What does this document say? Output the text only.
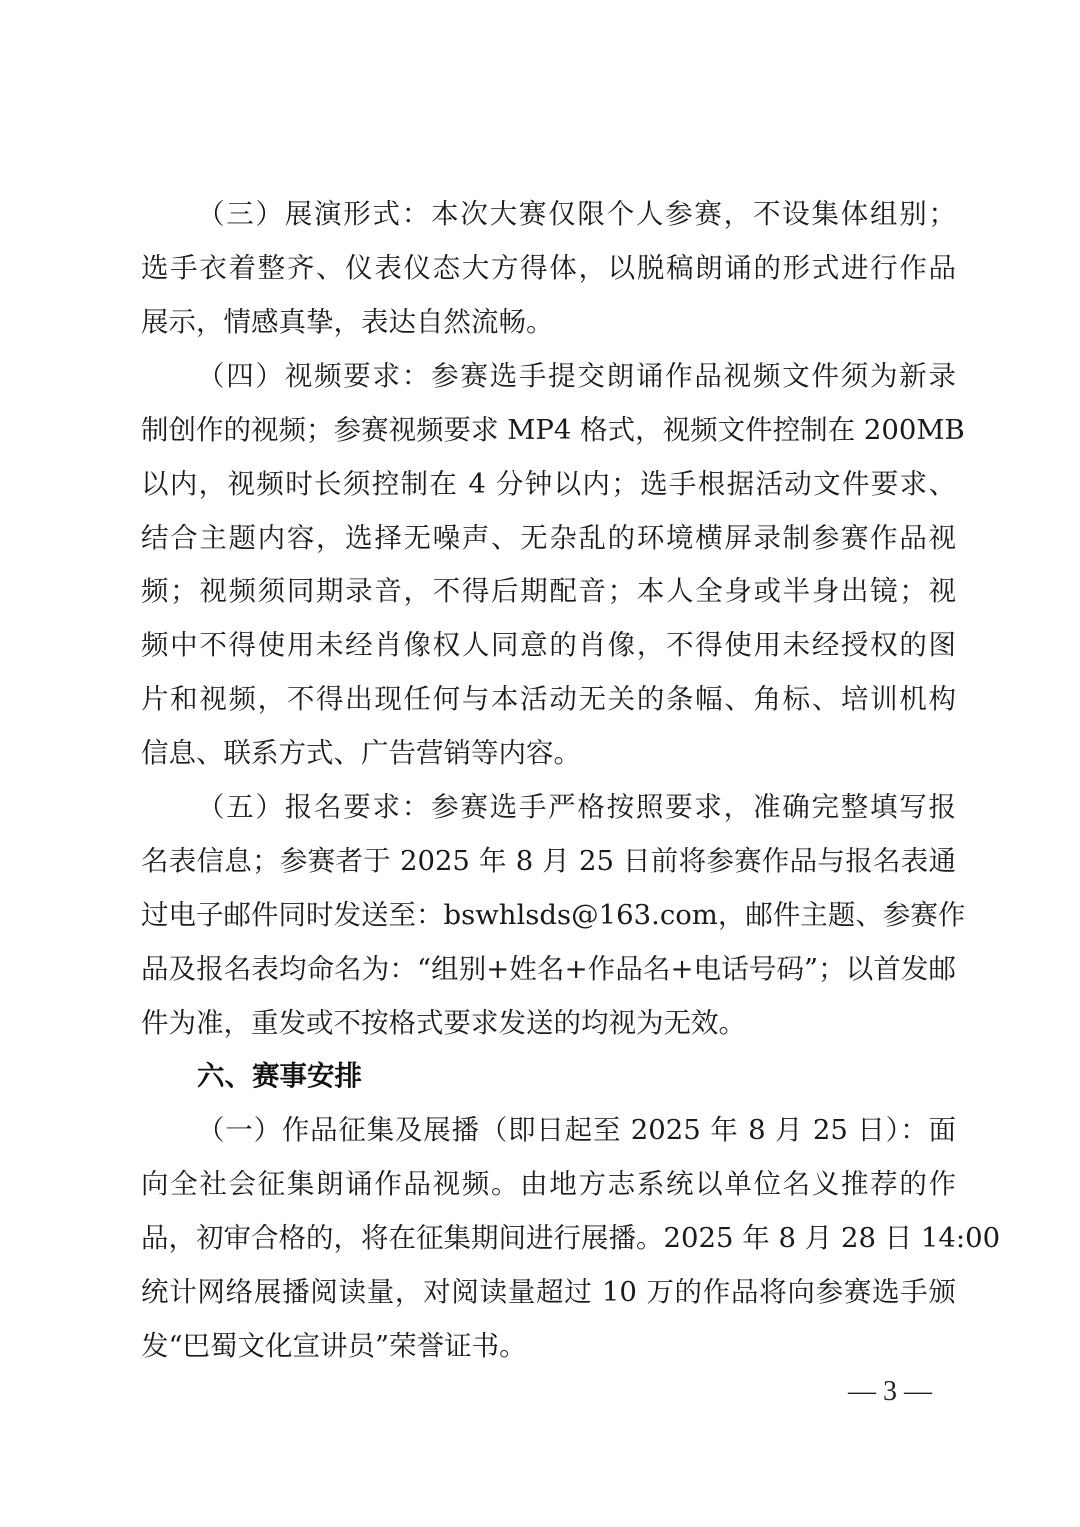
（三）展演形式：本次大赛仅限个人参赛，不设集体组别；
选手衣着整齐、仪表仪态大方得体，以脱稿朗诵的形式进行作品
展示，情感真挚，表达自然流畅。
（四）视频要求：参赛选手提交朗诵作品视频文件须为新录
制创作的视频；参赛视频要求 MP4 格式，视频文件控制在 200MB
以内，视频时长须控制在 4 分钟以内；选手根据活动文件要求、
结合主题内容，选择无噪声、无杂乱的环境横屏录制参赛作品视
频；视频须同期录音，不得后期配音；本人全身或半身出镜；视
频中不得使用未经肖像权人同意的肖像，不得使用未经授权的图
片和视频，不得出现任何与本活动无关的条幅、角标、培训机构
信息、联系方式、广告营销等内容。
（五）报名要求：参赛选手严格按照要求，准确完整填写报
名表信息；参赛者于 2025 年 8 月 25 日前将参赛作品与报名表通
过电子邮件同时发送至：bswhlsds@163.com，邮件主题、参赛作
品及报名表均命名为：“组别+姓名+作品名+电话号码”；以首发邮
件为准，重发或不按格式要求发送的均视为无效。
六、赛事安排
（一）作品征集及展播（即日起至 2025 年 8 月 25 日）：面
向全社会征集朗诵作品视频。由地方志系统以单位名义推荐的作
品，初审合格的，将在征集期间进行展播。2025 年 8 月 28 日 14:00
统计网络展播阅读量，对阅读量超过 10 万的作品将向参赛选手颁
发“巴蜀文化宣讲员”荣誉证书。
— 3 —
